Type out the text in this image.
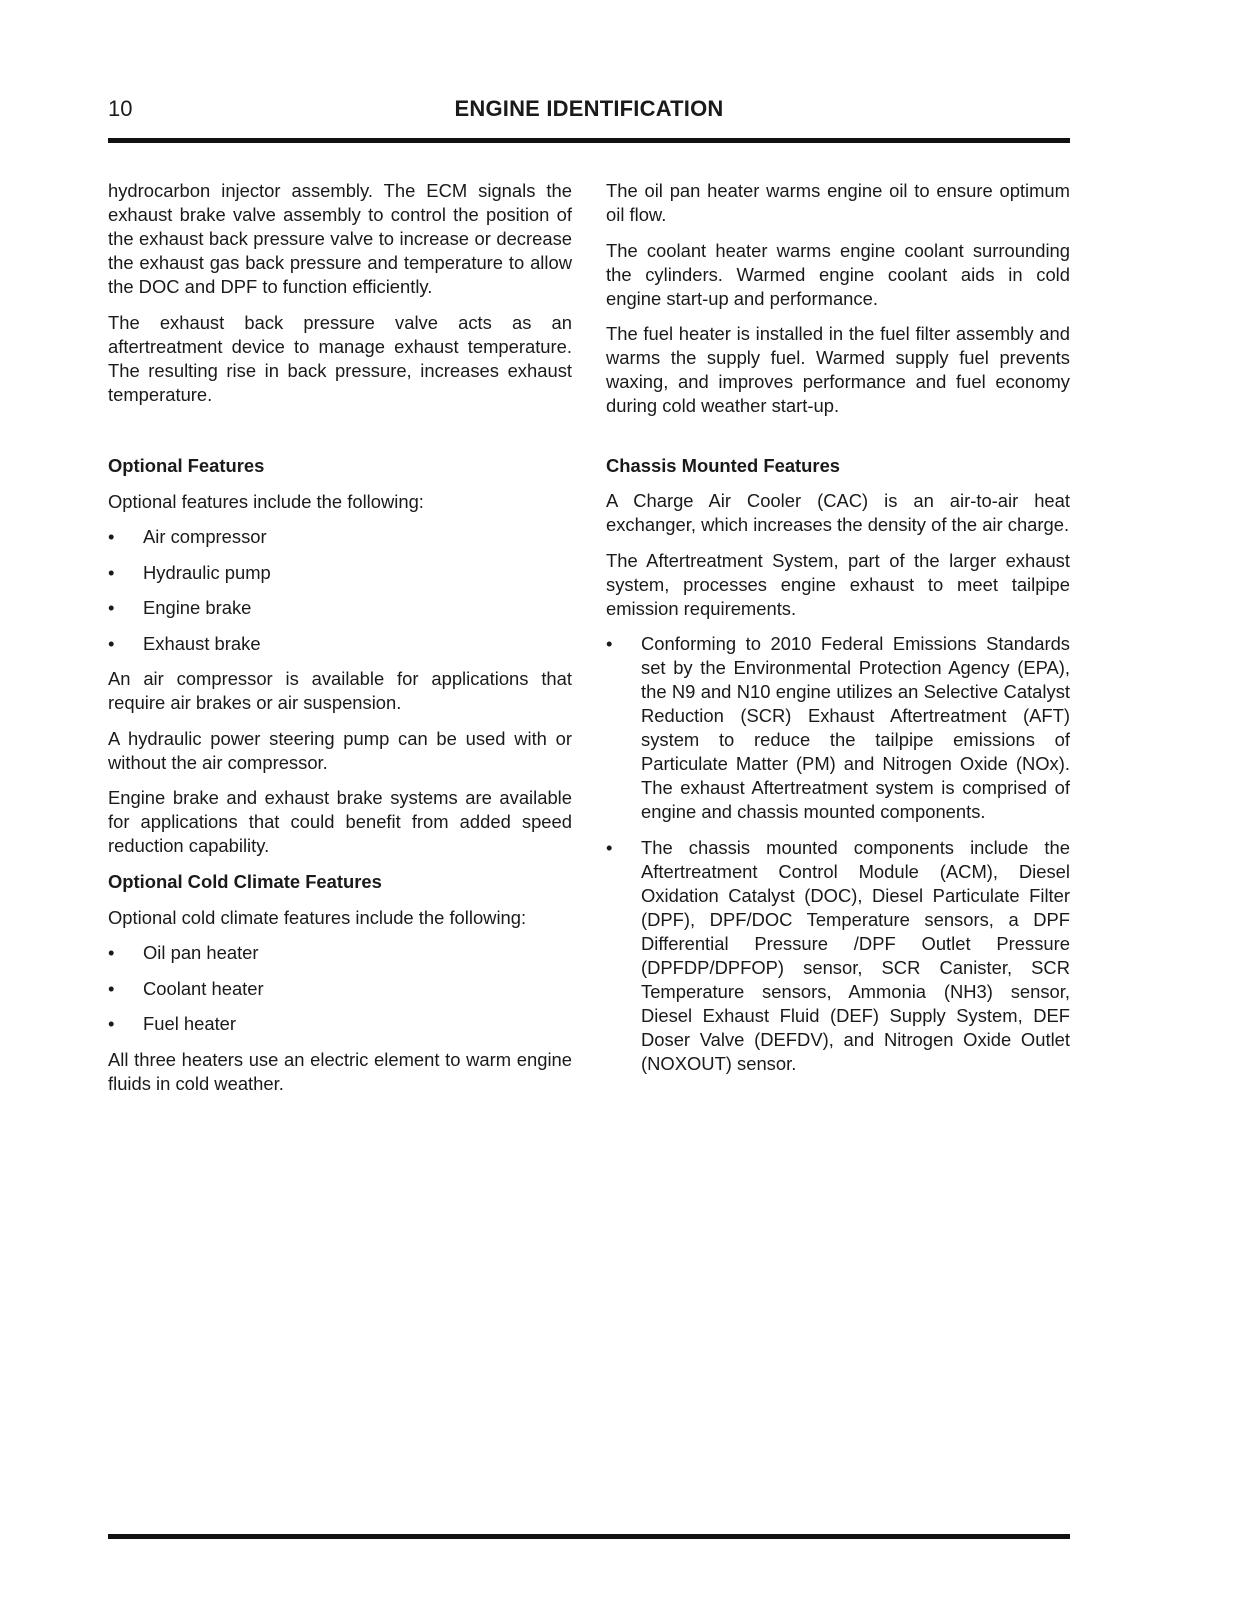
10	ENGINE IDENTIFICATION

hydrocarbon injector assembly. The ECM signals the exhaust brake valve assembly to control the position of the exhaust back pressure valve to increase or decrease the exhaust gas back pressure and temperature to allow the DOC and DPF to function efficiently.

The exhaust back pressure valve acts as an aftertreatment device to manage exhaust temperature. The resulting rise in back pressure, increases exhaust temperature.

Optional Features

Optional features include the following:

• Air compressor
• Hydraulic pump
• Engine brake
• Exhaust brake

An air compressor is available for applications that require air brakes or air suspension.

A hydraulic power steering pump can be used with or without the air compressor.

Engine brake and exhaust brake systems are available for applications that could benefit from added speed reduction capability.

Optional Cold Climate Features

Optional cold climate features include the following:

• Oil pan heater
• Coolant heater
• Fuel heater

All three heaters use an electric element to warm engine fluids in cold weather.

The oil pan heater warms engine oil to ensure optimum oil flow.

The coolant heater warms engine coolant surrounding the cylinders. Warmed engine coolant aids in cold engine start-up and performance.

The fuel heater is installed in the fuel filter assembly and warms the supply fuel. Warmed supply fuel prevents waxing, and improves performance and fuel economy during cold weather start-up.

Chassis Mounted Features

A Charge Air Cooler (CAC) is an air-to-air heat exchanger, which increases the density of the air charge.

The Aftertreatment System, part of the larger exhaust system, processes engine exhaust to meet tailpipe emission requirements.

• Conforming to 2010 Federal Emissions Standards set by the Environmental Protection Agency (EPA), the N9 and N10 engine utilizes an Selective Catalyst Reduction (SCR) Exhaust Aftertreatment (AFT) system to reduce the tailpipe emissions of Particulate Matter (PM) and Nitrogen Oxide (NOx). The exhaust Aftertreatment system is comprised of engine and chassis mounted components.
• The chassis mounted components include the Aftertreatment Control Module (ACM), Diesel Oxidation Catalyst (DOC), Diesel Particulate Filter (DPF), DPF/DOC Temperature sensors, a DPF Differential Pressure /DPF Outlet Pressure (DPFDP/DPFOP) sensor, SCR Canister, SCR Temperature sensors, Ammonia (NH3) sensor, Diesel Exhaust Fluid (DEF) Supply System, DEF Doser Valve (DEFDV), and Nitrogen Oxide Outlet (NOXOUT) sensor.
